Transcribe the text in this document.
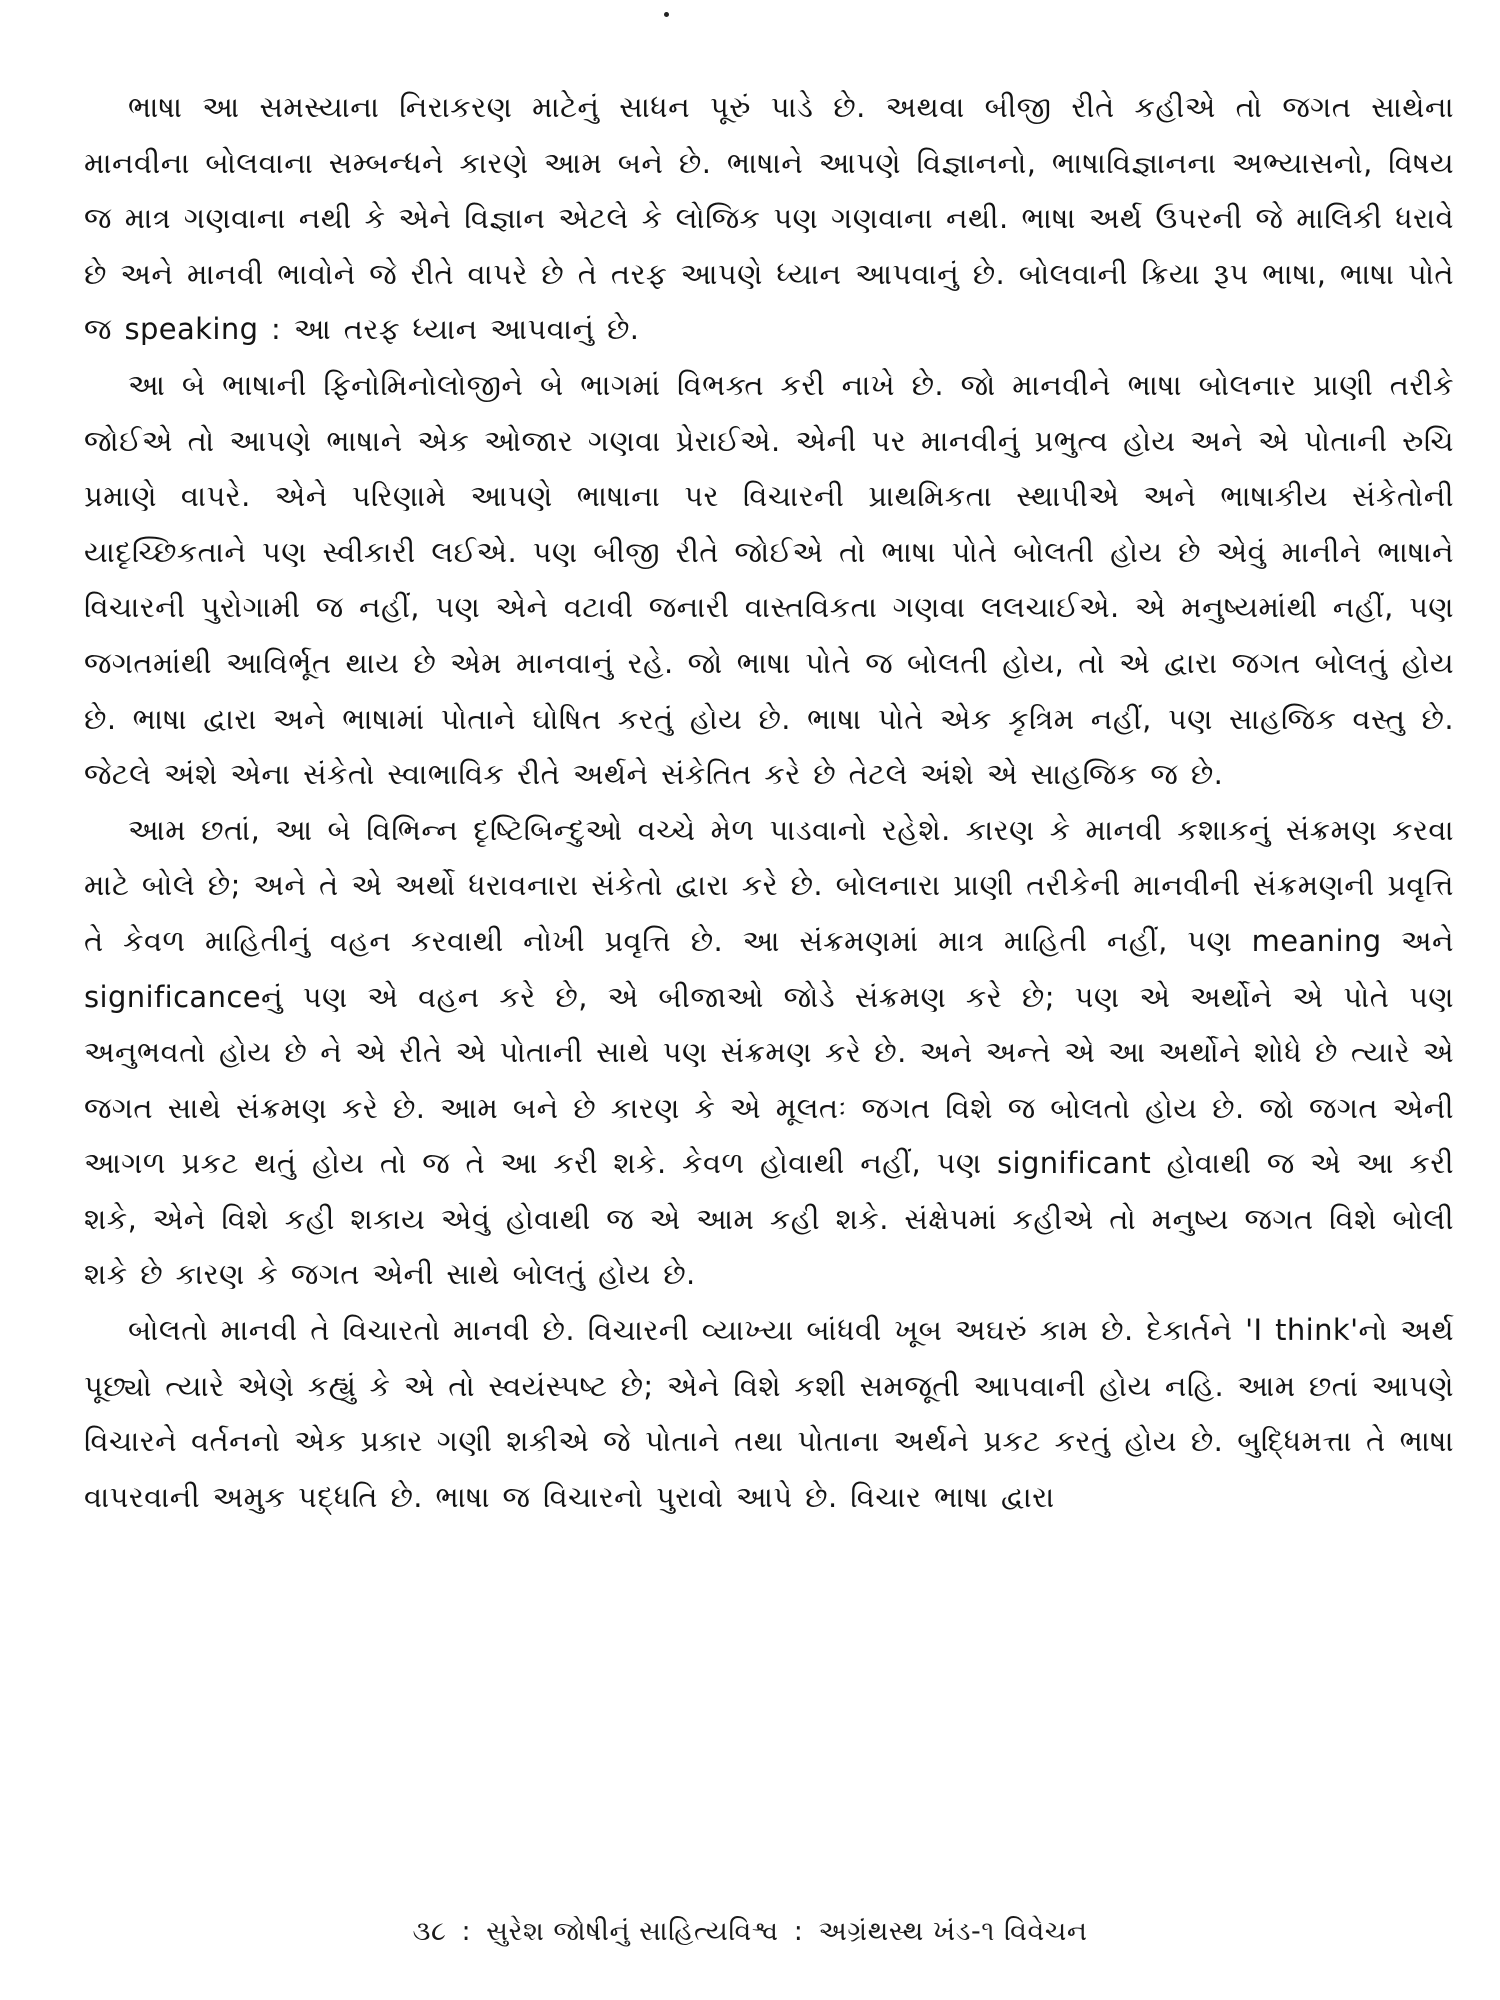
ભાષા આ સમસ્યાના નિરાકરણ માટેનું સાધન પૂરું પાડે છે. અથવા બીજી રીતે કહીએ તો જગત સાથેના માનવીના બોલવાના સમ્બન્ધને કારણે આમ બને છે. ભાષાને આપણે વિજ્ઞાનનો, ભાષાવિજ્ઞાનના અભ્યાસનો, વિષય જ માત્ર ગણવાના નથી કે એને વિજ્ઞાન એટલે કે લોજિક પણ ગણવાના નથી. ભાષા અર્થ ઉપરની જે માલિકી ધરાવે છે અને માનવી ભાવોને જે રીતે વાપરે છે તે તરફ આપણે ધ્યાન આપવાનું છે. બોલવાની ક્રિયા રૂપ ભાષા, ભાષા પોતે જ speaking : આ તરફ ધ્યાન આપવાનું છે.

આ બે ભાષાની ફિનોમિનોલોજીને બે ભાગમાં વિભક્ત કરી નાખે છે. જો માનવીને ભાષા બોલનાર પ્રાણી તરીકે જોઈએ તો આપણે ભાષાને એક ઓજાર ગણવા પ્રેરાઈએ. એની પર માનવીનું પ્રભુત્વ હોય અને એ પોતાની રુચિ પ્રમાણે વાપરે. એને પરિણામે આપણે ભાષાના પર વિચારની પ્રાથમિકતા સ્થાપીએ અને ભાષાકીય સંકેતોની યાદૃચ્છિકતાને પણ સ્વીકારી લઈએ. પણ બીજી રીતે જોઈએ તો ભાષા પોતે બોલતી હોય છે એવું માનીને ભાષાને વિચારની પુરોગામી જ નહીં, પણ એને વટાવી જનારી વાસ્તવિકતા ગણવા લલચાઈએ. એ મનુષ્યમાંથી નહીં, પણ જગતમાંથી આવિર્ભૂત થાય છે એમ માનવાનું રહે. જો ભાષા પોતે જ બોલતી હોય, તો એ દ્વારા જગત બોલતું હોય છે. ભાષા દ્વારા અને ભાષામાં પોતાને ઘોષિત કરતું હોય છે. ભાષા પોતે એક કૃત્રિમ નહીં, પણ સાહજિક વસ્તુ છે. જેટલે અંશે એના સંકેતો સ્વાભાવિક રીતે અર્થને સંકેતિત કરે છે તેટલે અંશે એ સાહજિક જ છે.

આમ છતાં, આ બે વિભિન્ન દૃષ્ટિબિન્દુઓ વચ્ચે મેળ પાડવાનો રહેશે. કારણ કે માનવી કશાકનું સંક્રમણ કરવા માટે બોલે છે; અને તે એ અર્થો ધરાવનારા સંકેતો દ્વારા કરે છે. બોલનારા પ્રાણી તરીકેની માનવીની સંક્રમણની પ્રવૃત્તિ તે કેવળ માહિતીનું વહન કરવાથી નોખી પ્રવૃત્તિ છે. આ સંક્રમણમાં માત્ર માહિતી નહીં, પણ meaning અને significanceનું પણ એ વહન કરે છે, એ બીજાઓ જોડે સંક્રમણ કરે છે; પણ એ અર્થોને એ પોતે પણ અનુભવતો હોય છે ને એ રીતે એ પોતાની સાથે પણ સંક્રમણ કરે છે. અને અન્તે એ આ અર્થોને શોધે છે ત્યારે એ જગત સાથે સંક્રમણ કરે છે. આમ બને છે કારણ કે એ મૂલતઃ જગત વિશે જ બોલતો હોય છે. જો જગત એની આગળ પ્રકટ થતું હોય તો જ તે આ કરી શકે. કેવળ હોવાથી નહીં, પણ significant હોવાથી જ એ આ કરી શકે, એને વિશે કહી શકાય એવું હોવાથી જ એ આમ કહી શકે. સંક્ષેપમાં કહીએ તો મનુષ્ય જગત વિશે બોલી શકે છે કારણ કે જગત એની સાથે બોલતું હોય છે.

બોલતો માનવી તે વિચારતો માનવી છે. વિચારની વ્યાખ્યા બાંધવી ખૂબ અઘરું કામ છે. દેકાર્તને 'I think'નો અર્થ પૂછ્યો ત્યારે એણે કહ્યું કે એ તો સ્વયંસ્પષ્ટ છે; એને વિશે કશી સમજૂતી આપવાની હોય નહિ. આમ છતાં આપણે વિચારને વર્તનનો એક પ્રકાર ગણી શકીએ જે પોતાને તથા પોતાના અર્થને પ્રકટ કરતું હોય છે. બુદ્ધિમત્તા તે ભાષા વાપરવાની અમુક પદ્ધતિ છે. ભાષા જ વિચારનો પુરાવો આપે છે. વિચાર ભાષા દ્વારા

૩૮ : સુરેશ જોષીનું સાહિત્યવિશ્વ : અગ્રંથસ્થ ખંડ-૧ વિવેચન
